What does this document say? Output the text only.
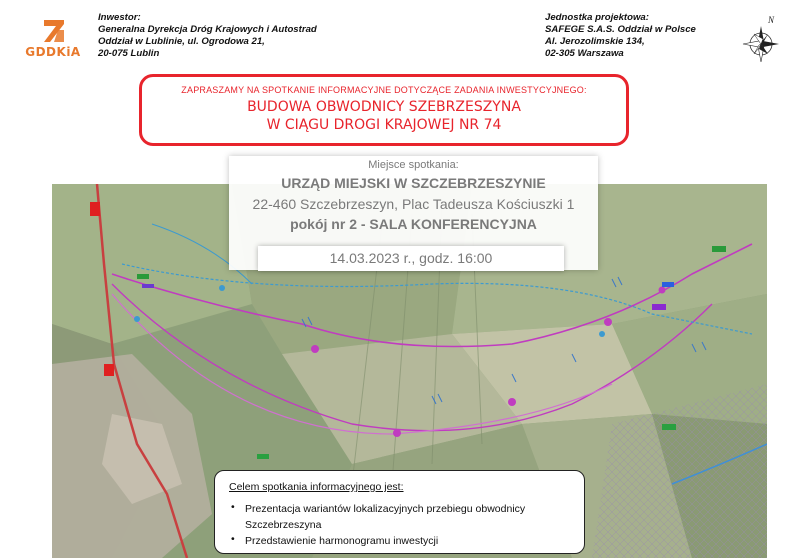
GDDKiA
Inwestor:
Generalna Dyrekcja Dróg Krajowych i Autostrad
Oddział w Lublinie, ul. Ogrodowa 21,
20-075 Lublin
Jednostka projektowa:
SAFEGE S.A.S. Oddział w Polsce
Al. Jerozolimskie 134,
02-305 Warszawa
N
ZAPRASZAMY NA SPOTKANIE INFORMACYJNE DOTYCZĄCE ZADANIA INWESTYCYJNEGO:
BUDOWA OBWODNICY SZEBRZESZYNA
W CIĄGU DROGI KRAJOWEJ NR 74
Miejsce spotkania:
URZĄD MIEJSKI W SZCZEBRZESZYNIE
22-460 Szczebrzeszyn, Plac Tadeusza Kościuszki 1
pokój nr 2 - SALA KONFERENCYJNA
14.03.2023 r., godz. 16:00
Celem spotkania informacyjnego jest:
• Prezentacja wariantów lokalizacyjnych przebiegu obwodnicy
Szczebrzeszyna
• Przedstawienie harmonogramu inwestycji
